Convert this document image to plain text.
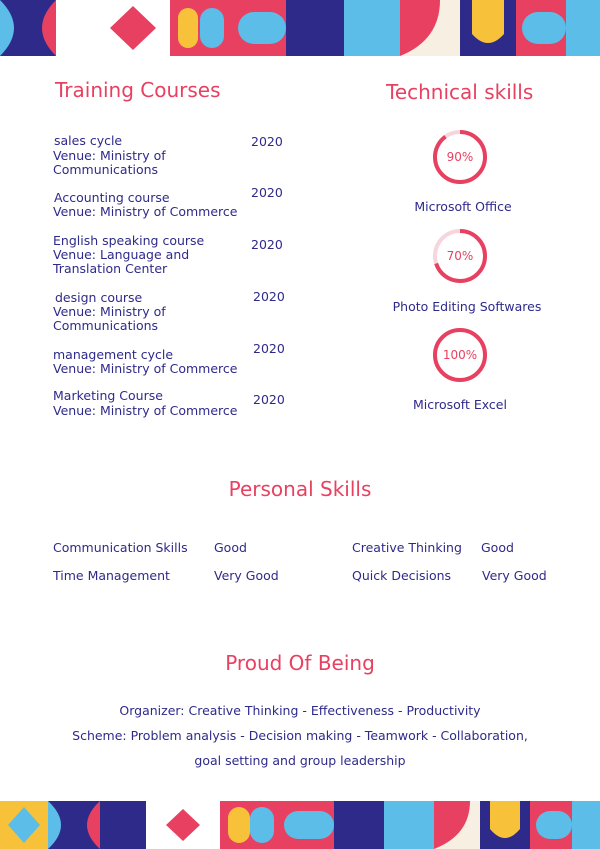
Training Courses
sales cycle
Venue: Ministry of
Communications
2020
Accounting course
Venue: Ministry of Commerce
2020
English speaking course
Venue: Language and
Translation Center
2020
design course
Venue: Ministry of
Communications
2020
management cycle
Venue: Ministry of Commerce
2020
Marketing Course
Venue: Ministry of Commerce
2020
Technical skills
90%
Microsoft Office
70%
Photo Editing Softwares
100%
Microsoft Excel
Personal Skills
Communication Skills Good	Creative Thinking Good
Time Management	Very Good	Quick Decisions Very Good
Proud Of Being
Organizer: Creative Thinking - Effectiveness - Productivity
Scheme: Problem analysis - Decision making - Teamwork - Collaboration,
goal setting and group leadership
